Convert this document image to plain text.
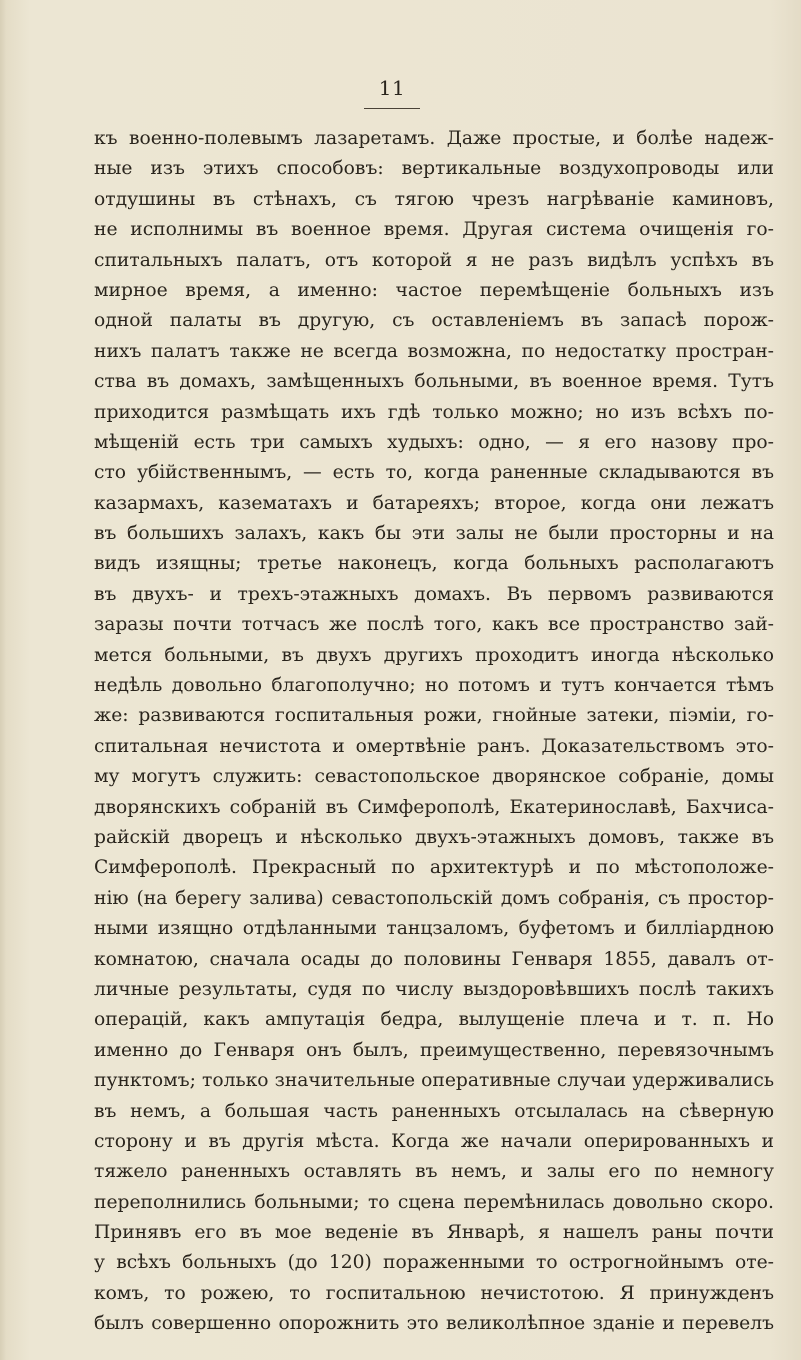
11
къ военно-полевымъ лазаретамъ. Даже простые, и болѣе надеж-
ные изъ этихъ способовъ: вертикальные воздухопроводы или
отдушины въ стѣнахъ, съ тягою чрезъ нагрѣваніе каминовъ,
не исполнимы въ военное время. Другая система очищенія го-
спитальныхъ палатъ, отъ которой я не разъ видѣлъ успѣхъ въ
мирное время, а именно: частое перемѣщеніе больныхъ изъ
одной палаты въ другую, съ оставленіемъ въ запасѣ порож-
нихъ палатъ также не всегда возможна, по недостатку простран-
ства въ домахъ, замѣщенныхъ больными, въ военное время. Тутъ
приходится размѣщать ихъ гдѣ только можно; но изъ всѣхъ по-
мѣщеній есть три самыхъ худыхъ: одно, — я его назову про-
сто убійственнымъ, — есть то, когда раненные складываются въ
казармахъ, казематахъ и батареяхъ; второе, когда они лежатъ
въ большихъ залахъ, какъ бы эти залы не были просторны и на
видъ изящны; третье наконецъ, когда больныхъ располагаютъ
въ двухъ- и трехъ-этажныхъ домахъ. Въ первомъ развиваются
заразы почти тотчасъ же послѣ того, какъ все пространство зай-
мется больными, въ двухъ другихъ проходитъ иногда нѣсколько
недѣль довольно благополучно; но потомъ и тутъ кончается тѣмъ
же: развиваются госпитальныя рожи, гнойные затеки, піэміи, го-
спитальная нечистота и омертвѣніе ранъ. Доказательствомъ это-
му могутъ служить: севастопольское дворянское собраніе, домы
дворянскихъ собраній въ Симферополѣ, Екатеринославѣ, Бахчиса-
райскій дворецъ и нѣсколько двухъ-этажныхъ домовъ, также въ
Симферополѣ. Прекрасный по архитектурѣ и по мѣстоположе-
нію (на берегу залива) севастопольскій домъ собранія, съ простор-
ными изящно отдѣланными танцзаломъ, буфетомъ и билліардною
комнатою, сначала осады до половины Генваря 1855, давалъ от-
личные результаты, судя по числу выздоровѣвшихъ послѣ такихъ
операцій, какъ ампутація бедра, вылущеніе плеча и т. п. Но
именно до Генваря онъ былъ, преимущественно, перевязочнымъ
пунктомъ; только значительные оперативные случаи удерживались
въ немъ, а большая часть раненныхъ отсылалась на сѣверную
сторону и въ другія мѣста. Когда же начали оперированныхъ и
тяжело раненныхъ оставлять въ немъ, и залы его по немногу
переполнились больными; то сцена перемѣнилась довольно скоро.
Принявъ его въ мое веденіе въ Январѣ, я нашелъ раны почти
у всѣхъ больныхъ (до 120) пораженными то острогнойнымъ оте-
комъ, то рожею, то госпитальною нечистотою. Я принужденъ
былъ совершенно опорожнить это великолѣпное зданіе и перевелъ
